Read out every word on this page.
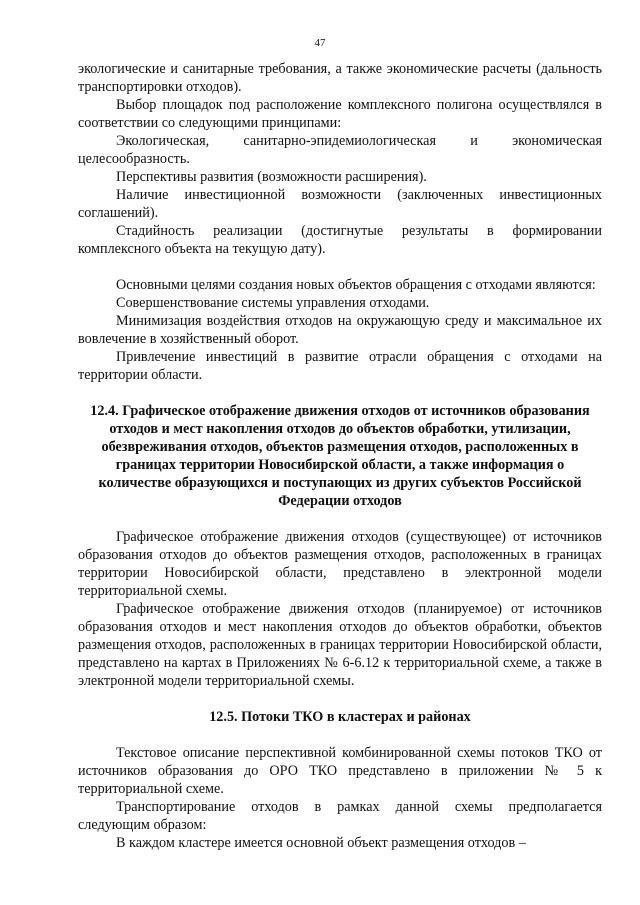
47

экологические и санитарные требования, а также экономические расчеты (дальность транспортировки отходов).

Выбор площадок под расположение комплексного полигона осуществлялся в соответствии со следующими принципами:

Экологическая, санитарно-эпидемиологическая и экономическая целесообразность.

Перспективы развития (возможности расширения).

Наличие инвестиционной возможности (заключенных инвестиционных соглашений).

Стадийность реализации (достигнутые результаты в формировании комплексного объекта на текущую дату).

Основными целями создания новых объектов обращения с отходами являются:

Совершенствование системы управления отходами.

Минимизация воздействия отходов на окружающую среду и максимальное их вовлечение в хозяйственный оборот.

Привлечение инвестиций в развитие отрасли обращения с отходами на территории области.

12.4. Графическое отображение движения отходов от источников образования отходов и мест накопления отходов до объектов обработки, утилизации, обезвреживания отходов, объектов размещения отходов, расположенных в границах территории Новосибирской области, а также информация о количестве образующихся и поступающих из других субъектов Российской Федерации отходов

Графическое отображение движения отходов (существующее) от источников образования отходов до объектов размещения отходов, расположенных в границах территории Новосибирской области, представлено в электронной модели территориальной схемы.

Графическое отображение движения отходов (планируемое) от источников образования отходов и мест накопления отходов до объектов обработки, объектов размещения отходов, расположенных в границах территории Новосибирской области, представлено на картах в Приложениях № 6-6.12 к территориальной схеме, а также в электронной модели территориальной схемы.

12.5. Потоки ТКО в кластерах и районах

Текстовое описание перспективной комбинированной схемы потоков ТКО от источников образования до ОРО ТКО представлено в приложении № 5 к территориальной схеме.

Транспортирование отходов в рамках данной схемы предполагается следующим образом:

В каждом кластере имеется основной объект размещения отходов –
